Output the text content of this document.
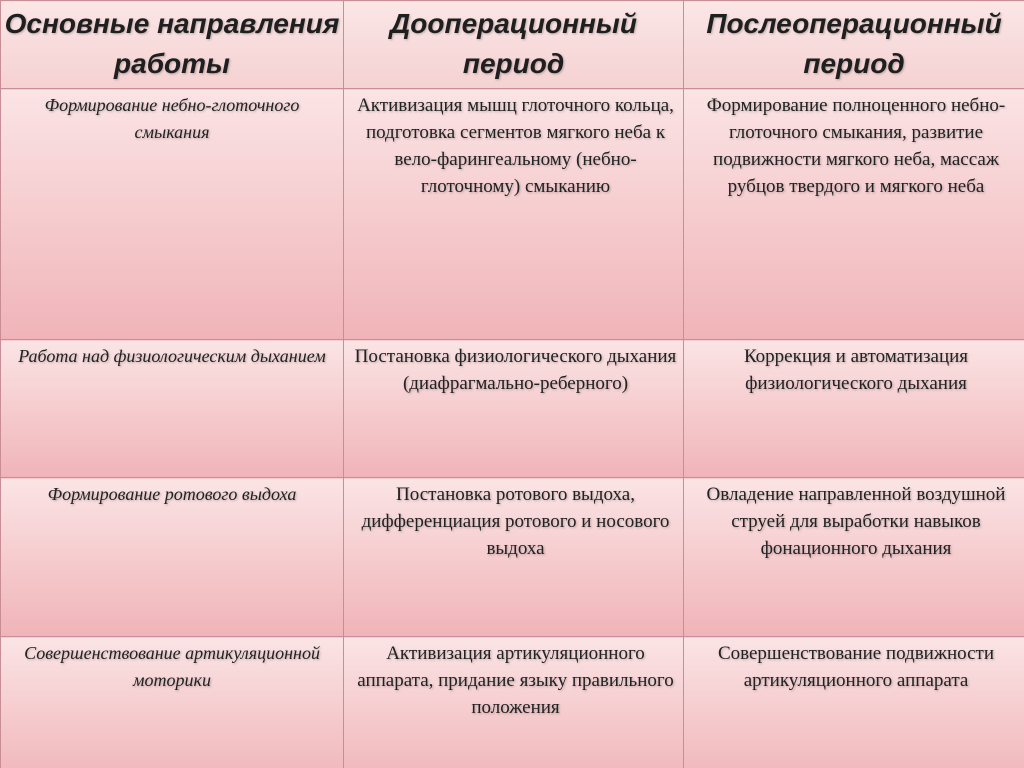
Основные направления работы	Дооперационный период	Послеоперационный период
Формирование небно-глоточного смыкания	Активизация мышц глоточного кольца, подготовка сегментов мягкого неба к вело-фарингеальному (небно-глоточному) смыканию	Формирование полноценного небно-глоточного смыкания, развитие подвижности мягкого неба, массаж рубцов твердого и мягкого неба
Работа над физиологическим дыханием	Постановка физиологического дыхания (диафрагмально-реберного)	Коррекция и автоматизация физиологического дыхания
Формирование ротового выдоха	Постановка ротового выдоха, дифференциация ротового и носового выдоха	Овладение направленной воздушной струей для выработки навыков фонационного дыхания
Совершенствование артикуляционной моторики	Активизация артикуляционного аппарата, придание языку правильного положения	Совершенствование подвижности артикуляционного аппарата
